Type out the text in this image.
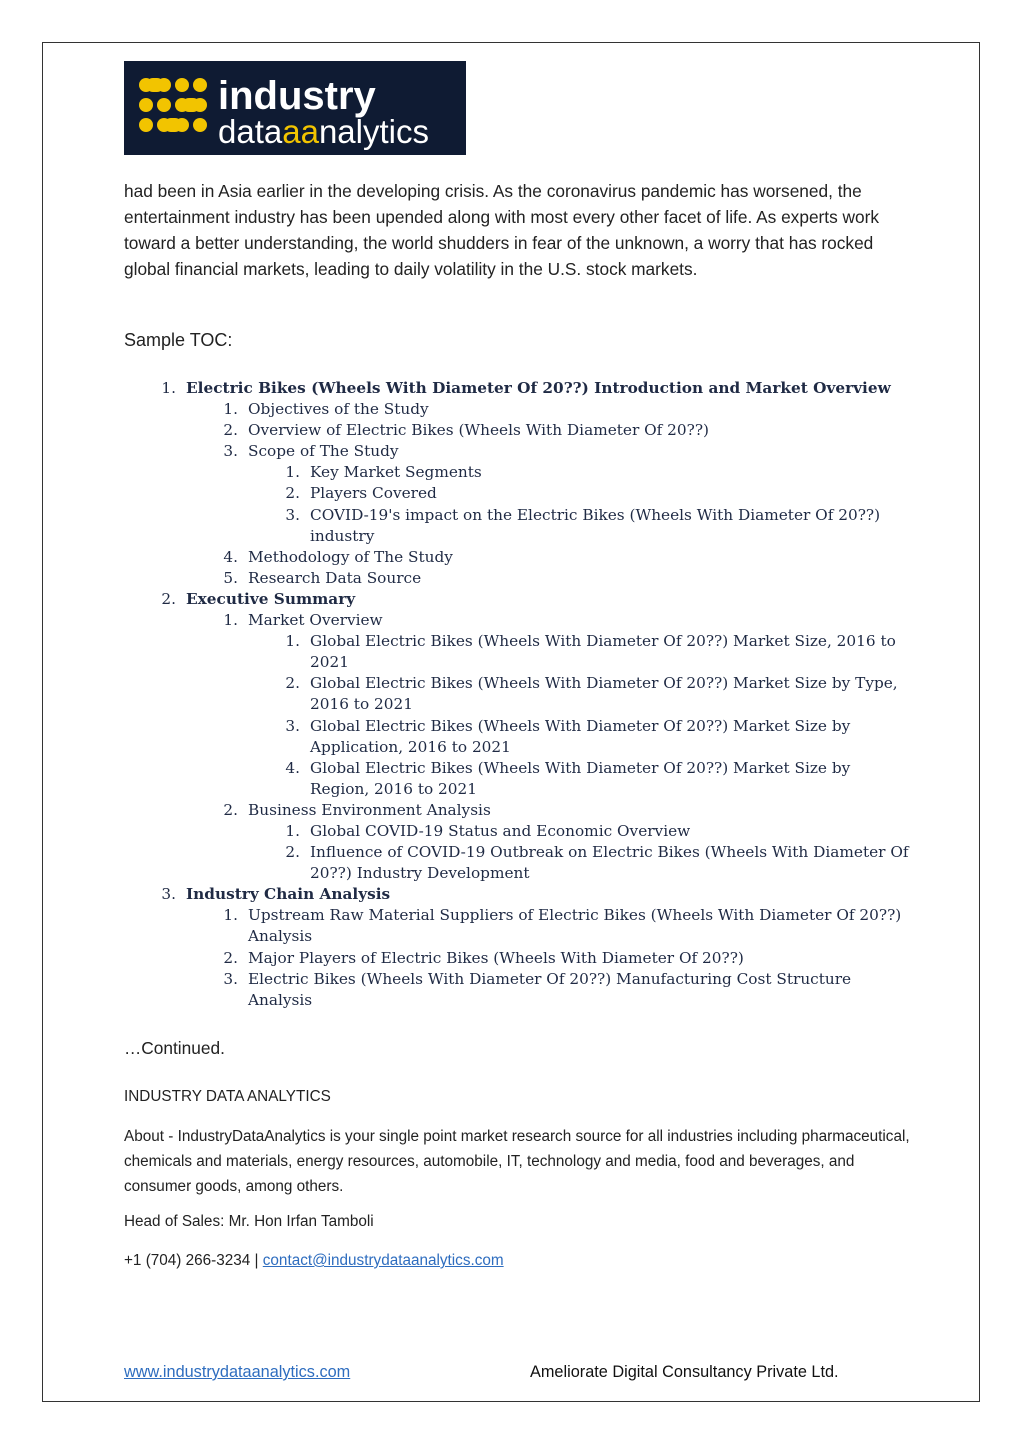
industry
dataaanalytics
had been in Asia earlier in the developing crisis. As the coronavirus pandemic has worsened, the entertainment industry has been upended along with most every other facet of life. As experts work toward a better understanding, the world shudders in fear of the unknown, a worry that has rocked global financial markets, leading to daily volatility in the U.S. stock markets.
Sample TOC:
1. Electric Bikes (Wheels With Diameter Of 20??) Introduction and Market Overview
1. Objectives of the Study
2. Overview of Electric Bikes (Wheels With Diameter Of 20??)
3. Scope of The Study
1. Key Market Segments
2. Players Covered
3. COVID-19's impact on the Electric Bikes (Wheels With Diameter Of 20??) industry
4. Methodology of The Study
5. Research Data Source
2. Executive Summary
1. Market Overview
1. Global Electric Bikes (Wheels With Diameter Of 20??) Market Size, 2016 to 2021
2. Global Electric Bikes (Wheels With Diameter Of 20??) Market Size by Type, 2016 to 2021
3. Global Electric Bikes (Wheels With Diameter Of 20??) Market Size by Application, 2016 to 2021
4. Global Electric Bikes (Wheels With Diameter Of 20??) Market Size by Region, 2016 to 2021
2. Business Environment Analysis
1. Global COVID-19 Status and Economic Overview
2. Influence of COVID-19 Outbreak on Electric Bikes (Wheels With Diameter Of 20??) Industry Development
3. Industry Chain Analysis
1. Upstream Raw Material Suppliers of Electric Bikes (Wheels With Diameter Of 20??) Analysis
2. Major Players of Electric Bikes (Wheels With Diameter Of 20??)
3. Electric Bikes (Wheels With Diameter Of 20??) Manufacturing Cost Structure Analysis
…Continued.
INDUSTRY DATA ANALYTICS
About - IndustryDataAnalytics is your single point market research source for all industries including pharmaceutical, chemicals and materials, energy resources, automobile, IT, technology and media, food and beverages, and consumer goods, among others.
Head of Sales: Mr. Hon Irfan Tamboli
+1 (704) 266-3234 | contact@industrydataanalytics.com
www.industrydataanalytics.com	Ameliorate Digital Consultancy Private Ltd.
